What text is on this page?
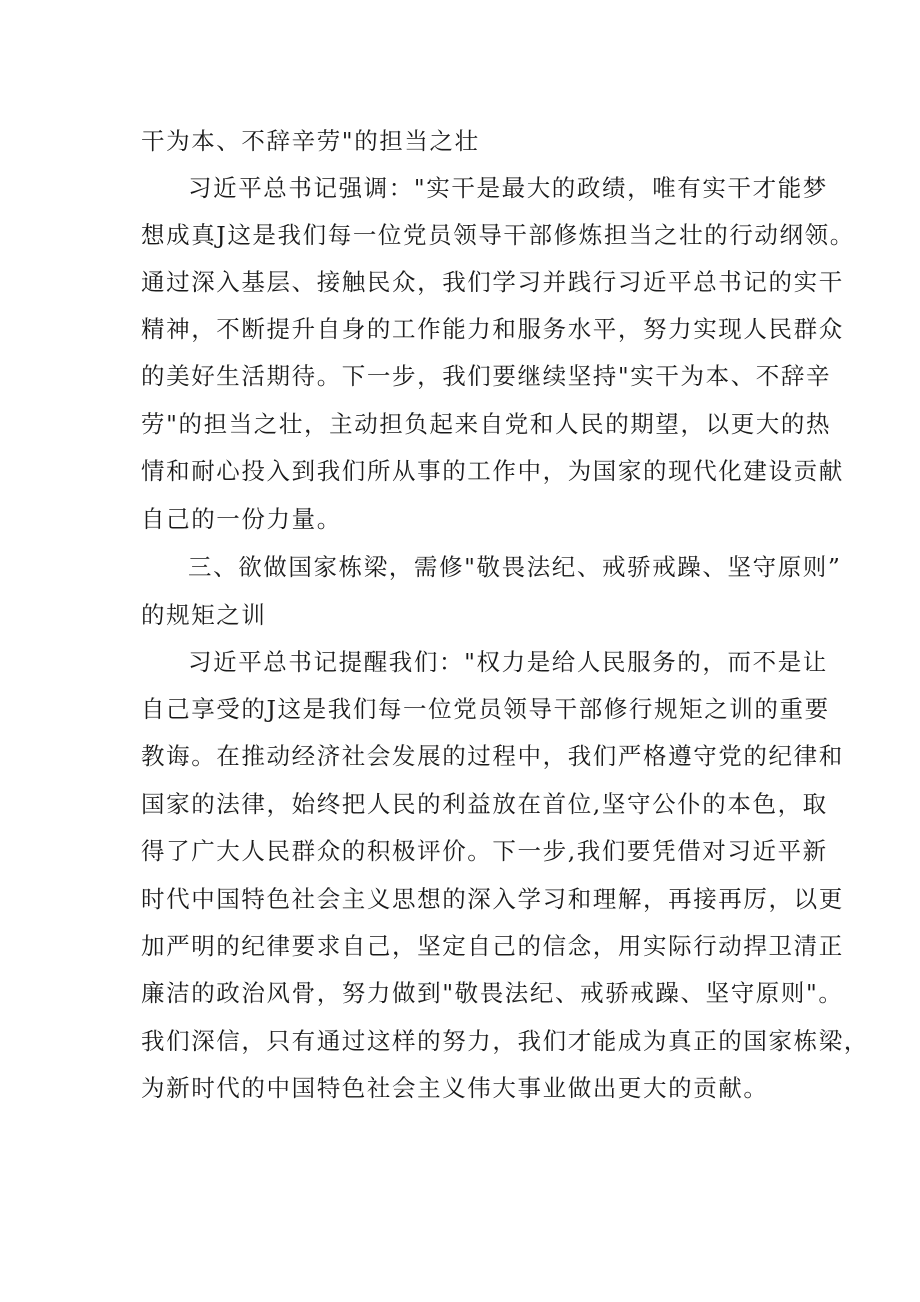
干为本、不辞辛劳"的担当之壮

习近平总书记强调："实干是最大的政绩，唯有实干才能梦

想成真J这是我们每一位党员领导干部修炼担当之壮的行动纲领。

通过深入基层、接触民众，我们学习并践行习近平总书记的实干

精神，不断提升自身的工作能力和服务水平，努力实现人民群众

的美好生活期待。下一步，我们要继续坚持"实干为本、不辞辛

劳"的担当之壮，主动担负起来自党和人民的期望，以更大的热

情和耐心投入到我们所从事的工作中，为国家的现代化建设贡献

自己的一份力量。

三、欲做国家栋梁，需修"敬畏法纪、戒骄戒躁、坚守原则”

的规矩之训

习近平总书记提醒我们："权力是给人民服务的，而不是让

自己享受的J这是我们每一位党员领导干部修行规矩之训的重要

教诲。在推动经济社会发展的过程中，我们严格遵守党的纪律和

国家的法律，始终把人民的利益放在首位,坚守公仆的本色，取

得了广大人民群众的积极评价。下一步,我们要凭借对习近平新

时代中国特色社会主义思想的深入学习和理解，再接再厉，以更

加严明的纪律要求自己，坚定自己的信念，用实际行动捍卫清正

廉洁的政治风骨，努力做到"敬畏法纪、戒骄戒躁、坚守原则"。

我们深信，只有通过这样的努力，我们才能成为真正的国家栋梁，

为新时代的中国特色社会主义伟大事业做出更大的贡献。
